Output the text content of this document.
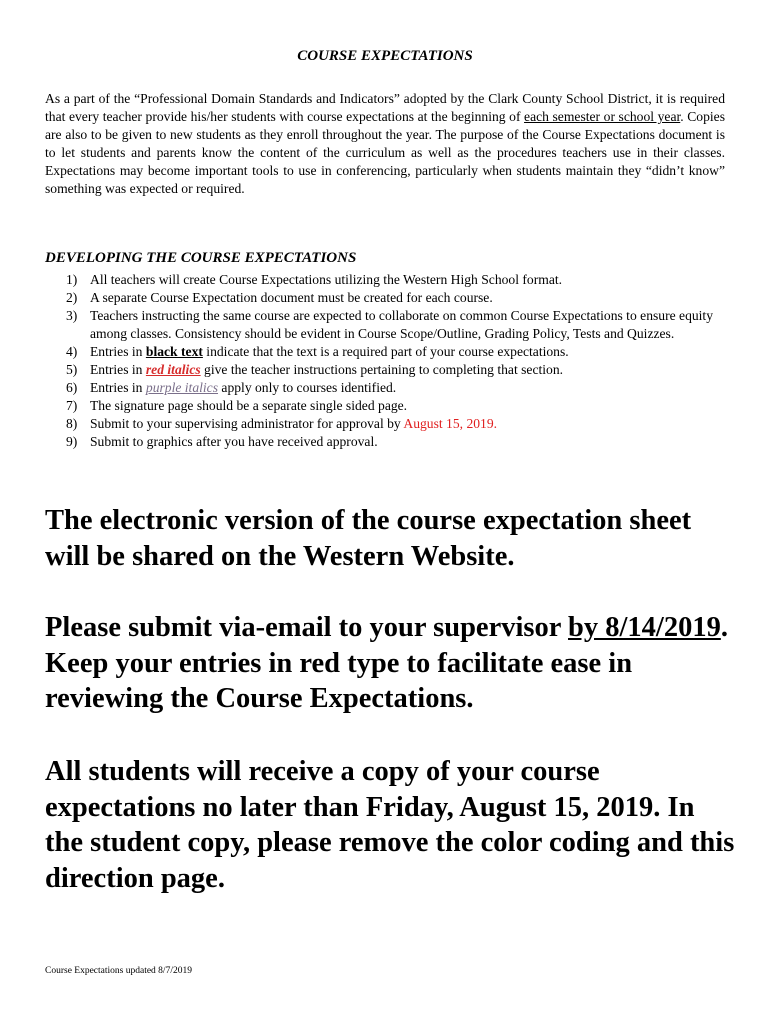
COURSE EXPECTATIONS

As a part of the “Professional Domain Standards and Indicators” adopted by the Clark County School District, it is required that every teacher provide his/her students with course expectations at the beginning of each semester or school year. Copies are also to be given to new students as they enroll throughout the year. The purpose of the Course Expectations document is to let students and parents know the content of the curriculum as well as the procedures teachers use in their classes. Expectations may become important tools to use in conferencing, particularly when students maintain they “didn’t know” something was expected or required.

DEVELOPING THE COURSE EXPECTATIONS
1) All teachers will create Course Expectations utilizing the Western High School format.
2) A separate Course Expectation document must be created for each course.
3) Teachers instructing the same course are expected to collaborate on common Course Expectations to ensure equity among classes. Consistency should be evident in Course Scope/Outline, Grading Policy, Tests and Quizzes.
4) Entries in black text indicate that the text is a required part of your course expectations.
5) Entries in red italics give the teacher instructions pertaining to completing that section.
6) Entries in purple italics apply only to courses identified.
7) The signature page should be a separate single sided page.
8) Submit to your supervising administrator for approval by August 15, 2019.
9) Submit to graphics after you have received approval.
The electronic version of the course expectation sheet will be shared on the Western Website.
Please submit via-email to your supervisor by 8/14/2019. Keep your entries in red type to facilitate ease in reviewing the Course Expectations.
All students will receive a copy of your course expectations no later than Friday, August 15, 2019. In the student copy, please remove the color coding and this direction page.
Course Expectations updated 8/7/2019
